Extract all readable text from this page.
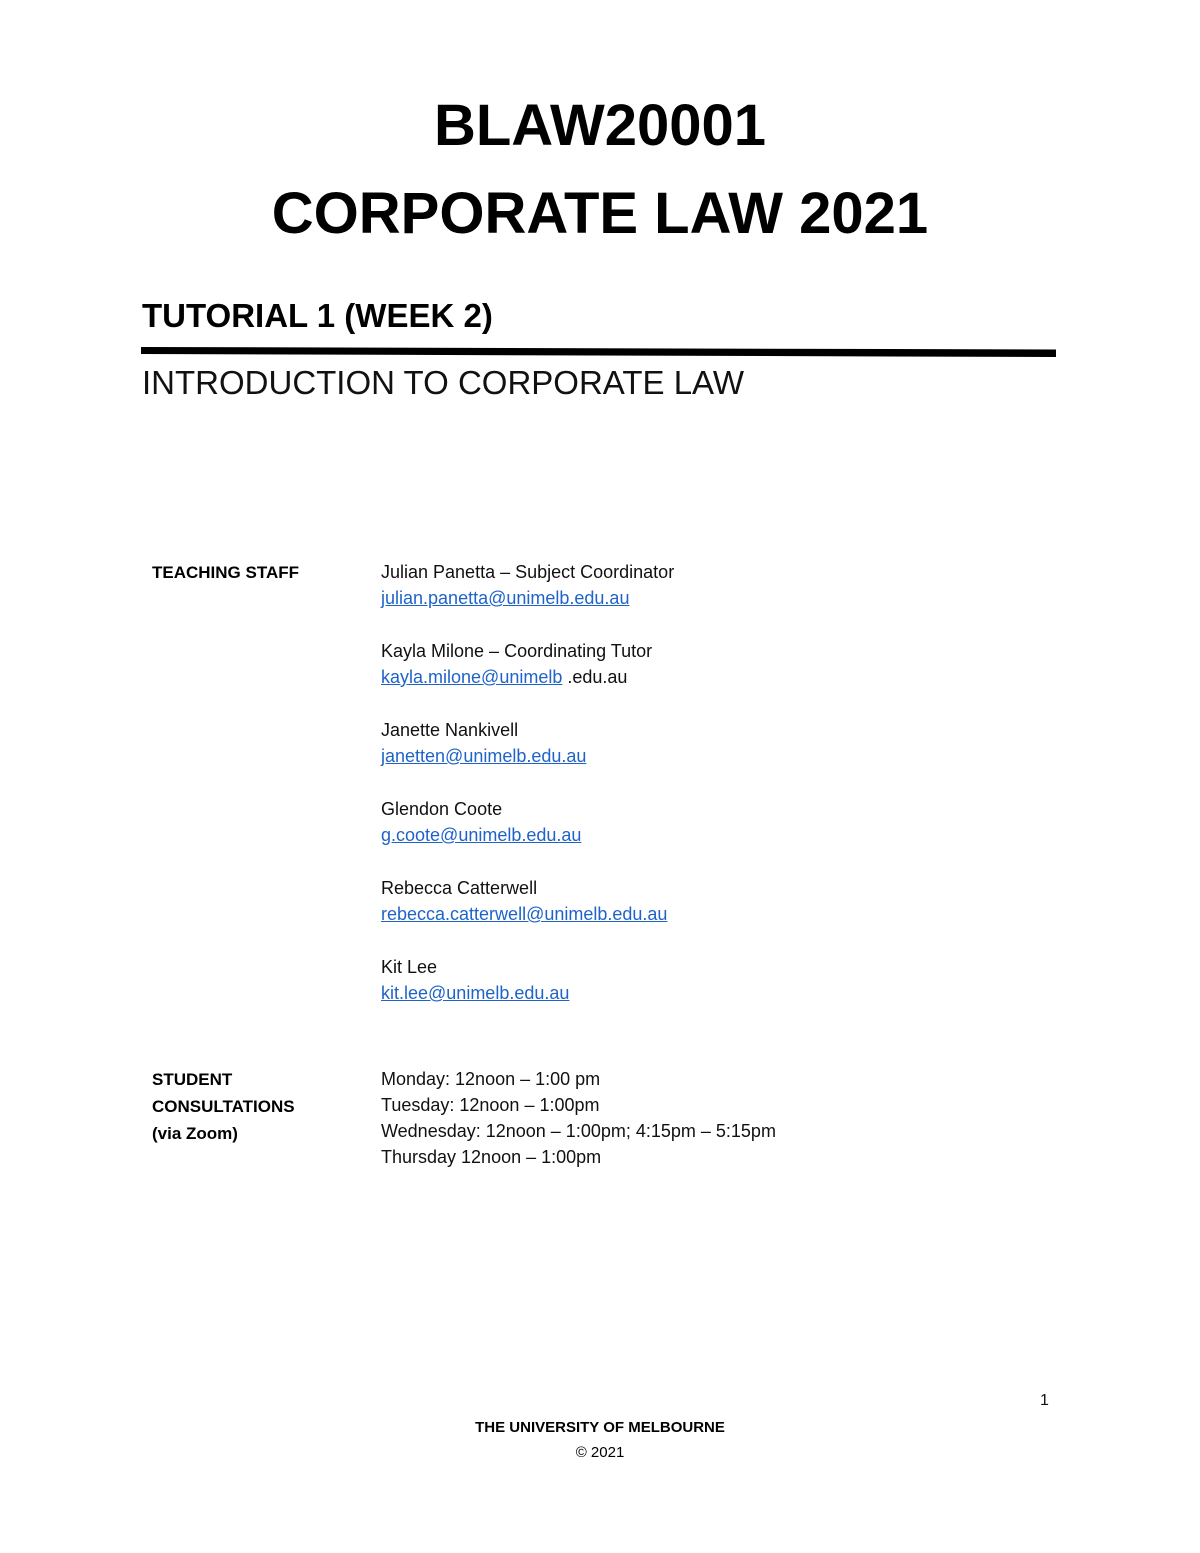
BLAW20001
CORPORATE LAW 2021
TUTORIAL 1 (WEEK 2)
INTRODUCTION TO CORPORATE LAW
TEACHING STAFF	Julian Panetta – Subject Coordinator
julian.panetta@unimelb.edu.au
Kayla Milone – Coordinating Tutor
kayla.milone@unimelb .edu.au
Janette Nankivell
janetten@unimelb.edu.au
Glendon Coote
g.coote@unimelb.edu.au
Rebecca Catterwell
rebecca.catterwell@unimelb.edu.au
Kit Lee
kit.lee@unimelb.edu.au
STUDENT
CONSULTATIONS
(via Zoom)
Monday: 12noon – 1:00 pm
Tuesday: 12noon – 1:00pm
Wednesday: 12noon – 1:00pm; 4:15pm – 5:15pm
Thursday 12noon – 1:00pm
1
THE UNIVERSITY OF MELBOURNE
© 2021
